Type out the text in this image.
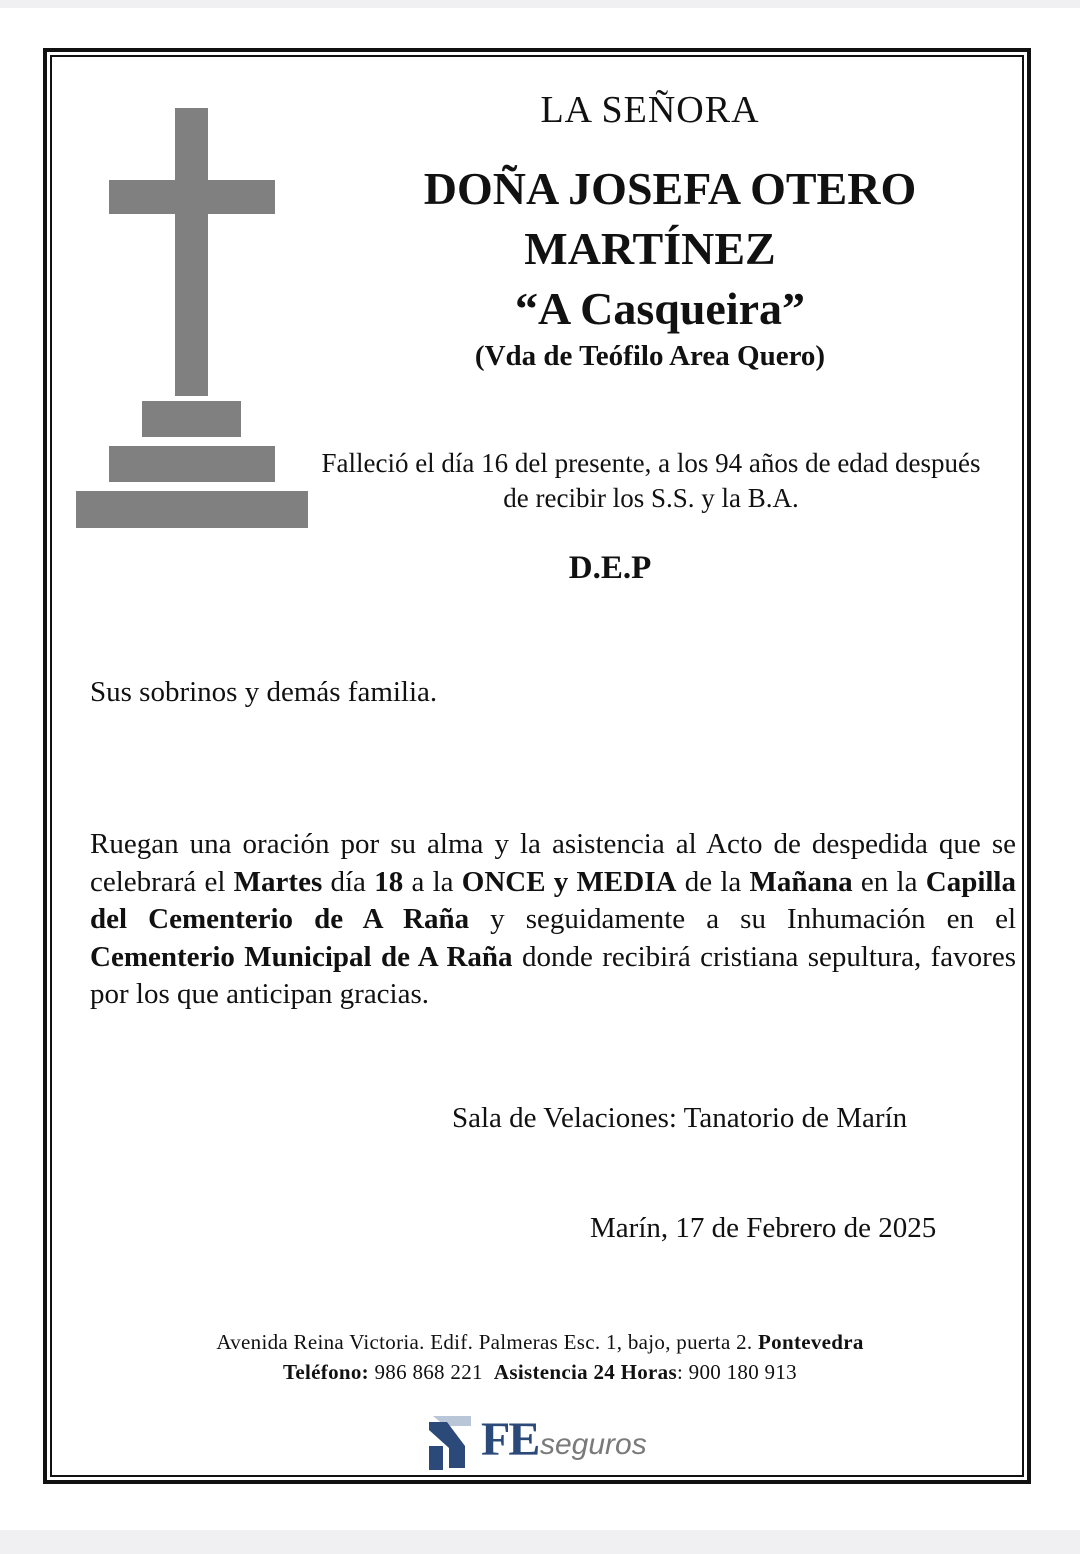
LA SEÑORA
DOÑA JOSEFA OTERO
MARTÍNEZ
“A Casqueira”
(Vda de Teófilo Area Quero)
Falleció el día 16 del presente, a los 94 años de edad después de recibir los S.S. y la B.A.
D.E.P
Sus sobrinos y demás familia.
Ruegan una oración por su alma y la asistencia al Acto de despedida que se celebrará el Martes día 18 a la ONCE y MEDIA de la Mañana en la Capilla del Cementerio de A Raña y seguidamente a su Inhumación en el Cementerio Municipal de A Raña donde recibirá cristiana sepultura, favores por los que anticipan gracias.
Sala de Velaciones: Tanatorio de Marín
Marín, 17 de Febrero de 2025
Avenida Reina Victoria. Edif. Palmeras Esc. 1, bajo, puerta 2. Pontevedra
Teléfono: 986 868 221 Asistencia 24 Horas: 900 180 913
FE seguros
